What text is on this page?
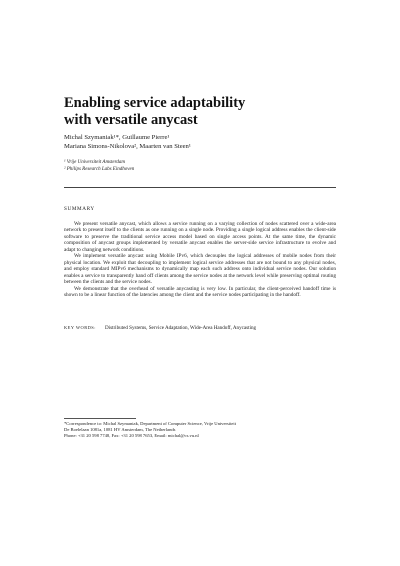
Enabling service adaptability
with versatile anycast
Michal Szymaniak¹*, Guillaume Pierre¹
Mariana Simons-Nikolova², Maarten van Steen¹
¹ Vrije Universiteit Amsterdam
² Philips Research Labs Eindhoven
SUMMARY

We present versatile anycast, which allows a service running on a varying collection of nodes scattered over a wide-area network to present itself to the clients as one running on a single node. Providing a single logical address enables the client-side software to preserve the traditional service access model based on single access points. At the same time, the dynamic composition of anycast groups implemented by versatile anycast enables the server-side service infrastructure to evolve and adapt to changing network conditions.

We implement versatile anycast using Mobile IPv6, which decouples the logical addresses of mobile nodes from their physical location. We exploit that decoupling to implement logical service addresses that are not bound to any physical nodes, and employ standard MIPv6 mechanisms to dynamically map each such address onto individual service nodes. Our solution enables a service to transparently hand off clients among the service nodes at the network level while preserving optimal routing between the clients and the service nodes.

We demonstrate that the overhead of versatile anycasting is very low. In particular, the client-perceived handoff time is shown to be a linear function of the latencies among the client and the service nodes participating in the handoff.

KEY WORDS: Distributed Systems, Service Adaptation, Wide-Area Handoff, Anycasting
*Correspondence to: Michal Szymaniak, Department of Computer Science, Vrije Universiteit
De Boelelaan 1081a, 1081 HV Amsterdam, The Netherlands
Phone: +31 20 598 7748, Fax: +31 20 598 7653, Email: michal@cs.vu.nl
